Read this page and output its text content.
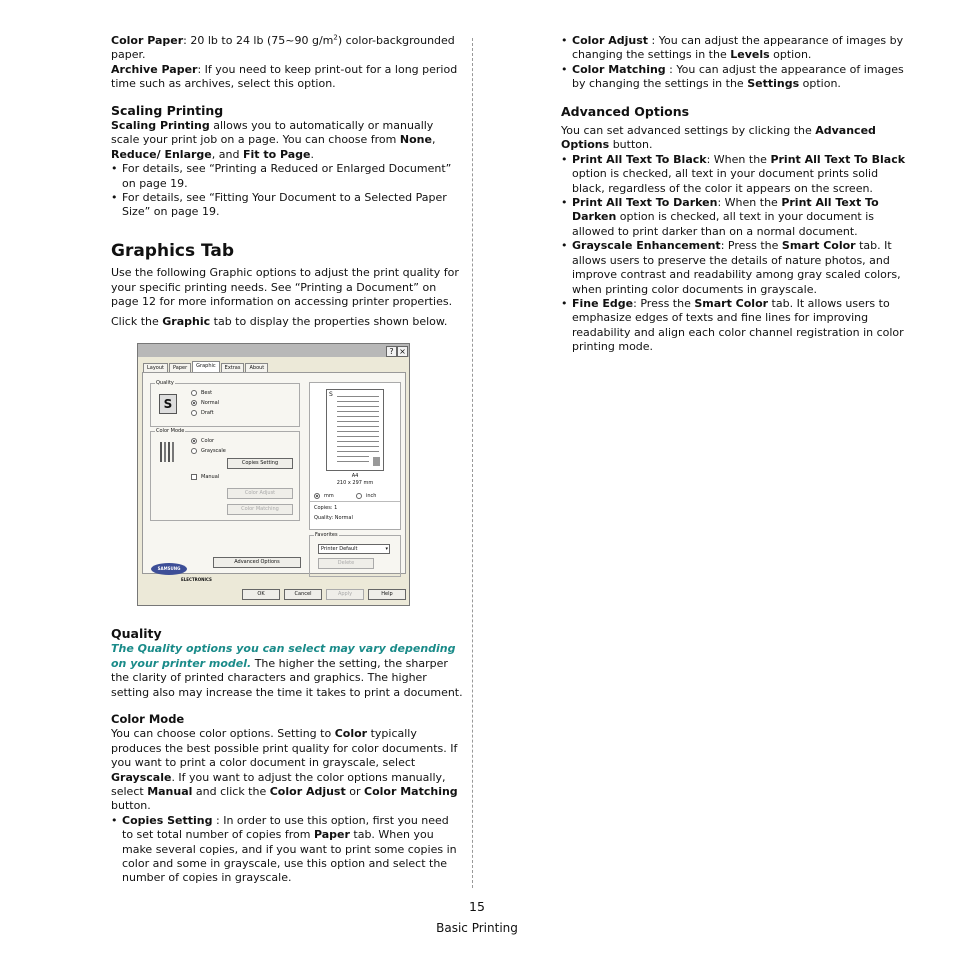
Color Paper: 20 lb to 24 lb (75~90 $g/m^2$) color-backgrounded paper.
Archive Paper: If you need to keep print-out for a long period time such as archives, select this option.

Scaling Printing

Scaling Printing allows you to automatically or manually scale your print job on a page. You can choose from None, Reduce/ Enlarge, and Fit to Page.

• For details, see “Printing a Reduced or Enlarged Document” on page 19.
• For details, see “Fitting Your Document to a Selected Paper Size” on page 19.
Graphics Tab

Use the following Graphic options to adjust the print quality for your specific printing needs. See “Printing a Document” on page 12 for more information on accessing printer properties.

Click the Graphic tab to display the properties shown below.

? ×
Layout	Paper	Graphic	Extras	About
Quality
S
Best
Normal
Draft
Color Mode
Color
Grayscale
Copies Setting
Manual
Color Adjust
Color Matching
Advanced Options
S
A4
210 x 297 mm
mm	inch
Copies: 1
Quality: Normal
Favorites
Printer Default	▾
Delete
SAMSUNG
ELECTRONICS
OK	Cancel	Apply	Help
Quality

The Quality options you can select may vary depending on your printer model. The higher the setting, the sharper the clarity of printed characters and graphics. The higher setting also may increase the time it takes to print a document.

Color Mode

You can choose color options. Setting to Color typically produces the best possible print quality for color documents. If you want to print a color document in grayscale, select Grayscale. If you want to adjust the color options manually, select Manual and click the Color Adjust or Color Matching button.

• Copies Setting : In order to use this option, first you need to set total number of copies from Paper tab. When you make several copies, and if you want to print some copies in color and some in grayscale, use this option and select the number of copies in grayscale.
• Color Adjust : You can adjust the appearance of images by changing the settings in the Levels option.
• Color Matching : You can adjust the appearance of images by changing the settings in the Settings option.
Advanced Options

You can set advanced settings by clicking the Advanced Options button.

• Print All Text To Black: When the Print All Text To Black option is checked, all text in your document prints solid black, regardless of the color it appears on the screen.
• Print All Text To Darken: When the Print All Text To Darken option is checked, all text in your document is allowed to print darker than on a normal document.
• Grayscale Enhancement: Press the Smart Color tab. It allows users to preserve the details of nature photos, and improve contrast and readability among gray scaled colors, when printing color documents in grayscale.
• Fine Edge: Press the Smart Color tab. It allows users to emphasize edges of texts and fine lines for improving readability and align each color channel registration in color printing mode.
15
Basic Printing
